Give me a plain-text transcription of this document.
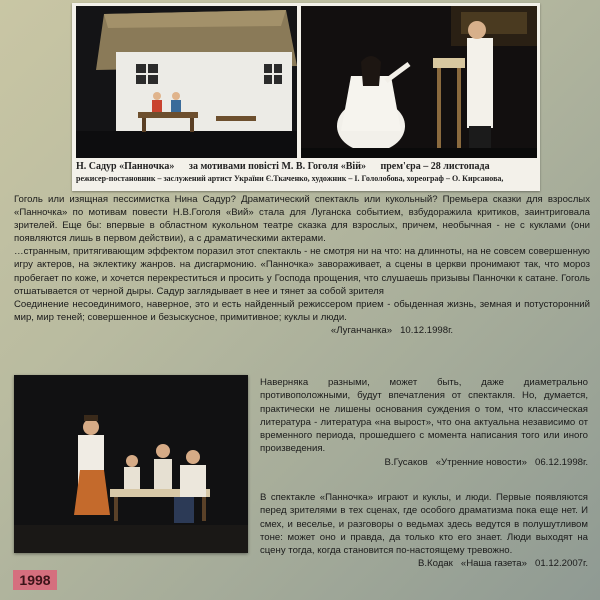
Н. Садур «Панночка» за мотивами повісті М. В. Гоголя «Вій» прем'єра – 28 листопада
режисер-постановник – заслужений артист України Є.Ткаченко, художник – І. Гололобова, хореограф – О. Кирсанова,

Гоголь или изящная пессимистка Нина Садур? Драматический спектакль или кукольный? Премьера сказки для взрослых «Панночка» по мотивам повести Н.В.Гоголя «Вий» стала для Луганска событием, взбудоражила критиков, заинтриговала зрителей. Еще бы: впервые в областном кукольном театре сказка для взрослых, причем, необычная - не с куклами (они появляются лишь в первом действии), а с драматическими актерами.

…странным, притягивающим эффектом поразил этот спектакль - не смотря ни на что: на длинноты, на не совсем совершенную игру актеров, на эклектику жанров. на дисгармонию. «Панночка» завораживает, а сцены в церкви пронимают так, что мороз пробегает по коже, и хочется перекреститься и просить у Господа прощения, что слушаешь призывы Панночки к сатане. Гоголь отшатывается от черной дыры. Садур заглядывает в нее и тянет за собой зрителя

Соединение несоединимого, наверное, это и есть найденный режиссером прием - обыденная жизнь, земная и потусторонний мир, мир теней; совершенное и безыскусное, примитивное; куклы и люди.

«Луганчанка» 10.12.1998г.

Наверняка разными, может быть, даже диаметрально противоположными, будут впечатления от спектакля. Но, думается, практически не лишены основания суждения о том, что классическая литература - литература «на вырост», что она актуальна независимо от временного периода, прошедшего с момента написания того или иного произведения.

В.Гусаков «Утренние новости» 06.12.1998г.

В спектакле «Панночка» играют и куклы, и люди. Первые появляются перед зрителями в тех сценах, где особого драматизма пока еще нет. И смех, и веселье, и разговоры о ведьмах здесь ведутся в полушутливом тоне: может оно и правда, да только кто его знает. Люди выходят на сцену тогда, когда становится по-настоящему тревожно.

В.Кодак «Наша газета» 01.12.2007г.

1998
